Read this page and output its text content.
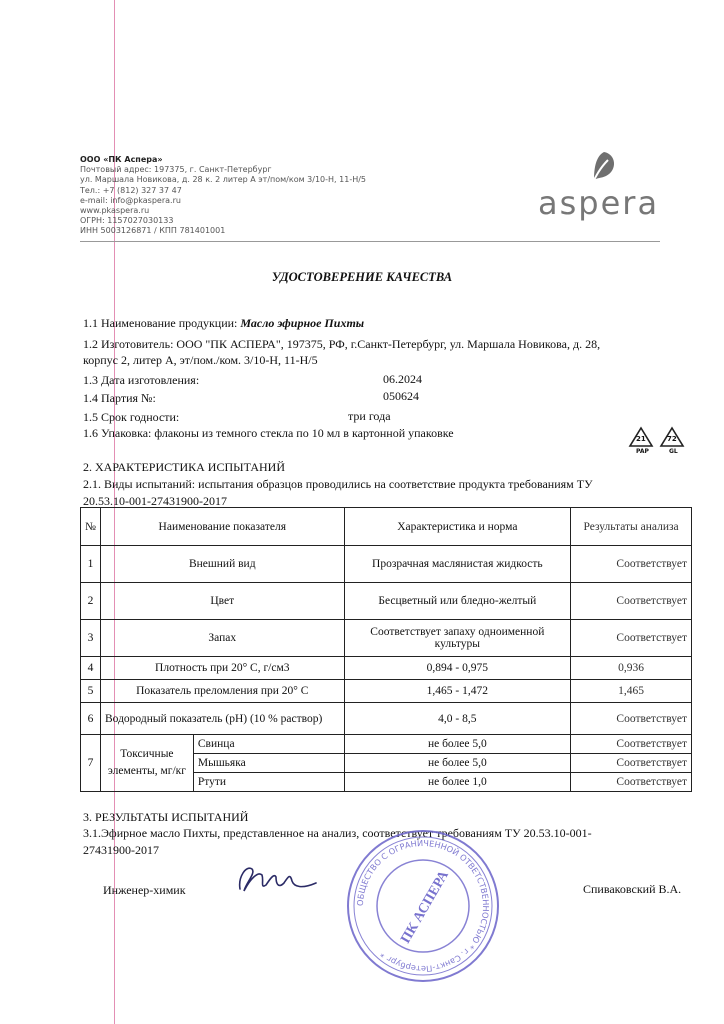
ООО «ПК Аспера»
Почтовый адрес: 197375, г. Санкт-Петербург
ул. Маршала Новикова, д. 28 к. 2 литер А эт/пом/ком 3/10-Н, 11-Н/5
Тел.: +7 (812) 327 37 47
e-mail: info@pkaspera.ru
www.pkaspera.ru
ОГРН: 1157027030133
ИНН 5003126871 / КПП 781401001
aspera
УДОСТОВЕРЕНИЕ КАЧЕСТВА
1.1 Наименование продукции: Масло эфирное Пихты
1.2 Изготовитель: ООО "ПК АСПЕРА", 197375, РФ, г.Санкт-Петербург, ул. Маршала Новикова, д. 28,
корпус 2, литер А, эт/пом./ком. 3/10-Н, 11-Н/5
1.3 Дата изготовления:	06.2024
1.4 Партия №:	050624
1.5 Срок годности:	три года
1.6 Упаковка: флаконы из темного стекла по 10 мл в картонной упаковке	21	72
PAP	GL
2. ХАРАКТЕРИСТИКА ИСПЫТАНИЙ
2.1. Виды испытаний: испытания образцов проводились на соответствие продукта требованиям ТУ
20.53.10-001-27431900-2017
№	Наименование показателя		Характеристика и норма	Результаты анализа
1	Внешний вид		Прозрачная маслянистая жидкость	Соответствует
2	Цвет		Бесцветный или бледно-желтый	Соответствует
3	Запах		Соответствует запаху одноименной культуры	Соответствует
4	Плотность при 20° С, г/см3		0,894 - 0,975	0,936
5	Показатель преломления при 20° С		1,465 - 1,472	1,465
6	Водородный показатель (рН) (10 % раствор)		4,0 - 8,5	Соответствует
7	Токсичные элементы, мг/кг	Свинца	не более 5,0	Соответствует
		Мышьяка	не более 5,0	Соответствует
		Ртути	не более 1,0	Соответствует
3. РЕЗУЛЬТАТЫ ИСПЫТАНИЙ
3.1.Эфирное масло Пихты, представленное на анализ, соответствует требованиям ТУ 20.53.10-001-
27431900-2017
Инженер-химик	Спиваковский В.А.
ОБЩЕСТВО С ОГРАНИЧЕННОЙ ОТВЕТСТВЕННОСТЬЮ * г. Санкт-Петербург *
ПК АСПЕРА
